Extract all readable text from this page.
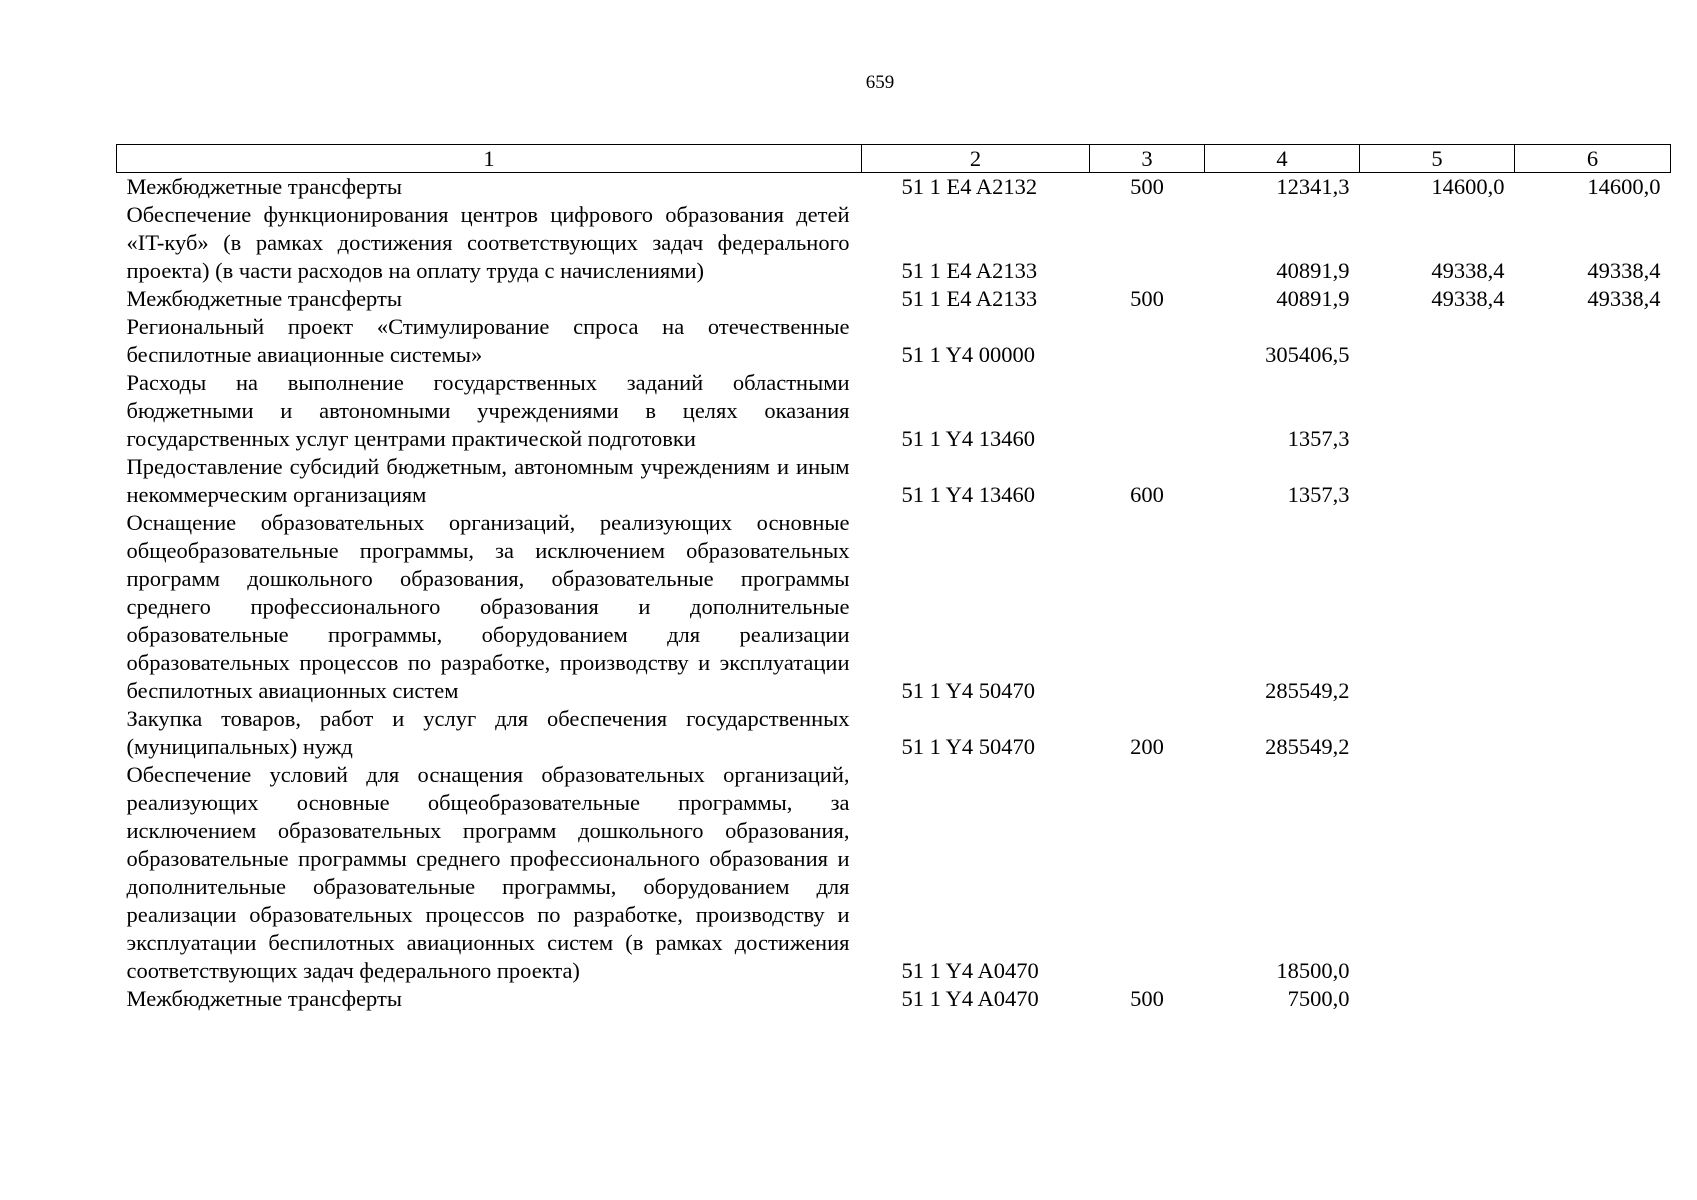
659
1	2	3	4	5	6
Межбюджетные трансферты	51 1 E4 A2132	500	12341,3	14600,0	14600,0
Обеспечение функционирования центров цифрового образования детей «IT-куб» (в рамках достижения соответствующих задач федерального проекта) (в части расходов на оплату труда с начислениями)	51 1 E4 A2133		40891,9	49338,4	49338,4
Межбюджетные трансферты	51 1 E4 A2133	500	40891,9	49338,4	49338,4
Региональный проект «Стимулирование спроса на отечественные беспилотные авиационные системы»	51 1 Y4 00000		305406,5		
Расходы на выполнение государственных заданий областными бюджетными и автономными учреждениями в целях оказания государственных услуг центрами практической подготовки	51 1 Y4 13460		1357,3		
Предоставление субсидий бюджетным, автономным учреждениям и иным некоммерческим организациям	51 1 Y4 13460	600	1357,3		
Оснащение образовательных организаций, реализующих основные общеобразовательные программы, за исключением образовательных программ дошкольного образования, образовательные программы среднего профессионального образования и дополнительные образовательные программы, оборудованием для реализации образовательных процессов по разработке, производству и эксплуатации беспилотных авиационных систем	51 1 Y4 50470		285549,2		
Закупка товаров, работ и услуг для обеспечения государственных (муниципальных) нужд	51 1 Y4 50470	200	285549,2		
Обеспечение условий для оснащения образовательных организаций, реализующих основные общеобразовательные программы, за исключением образовательных программ дошкольного образования, образовательные программы среднего профессионального образования и дополнительные образовательные программы, оборудованием для реализации образовательных процессов по разработке, производству и эксплуатации беспилотных авиационных систем (в рамках достижения соответствующих задач федерального проекта)	51 1 Y4 A0470		18500,0		
Межбюджетные трансферты	51 1 Y4 A0470	500	7500,0		
